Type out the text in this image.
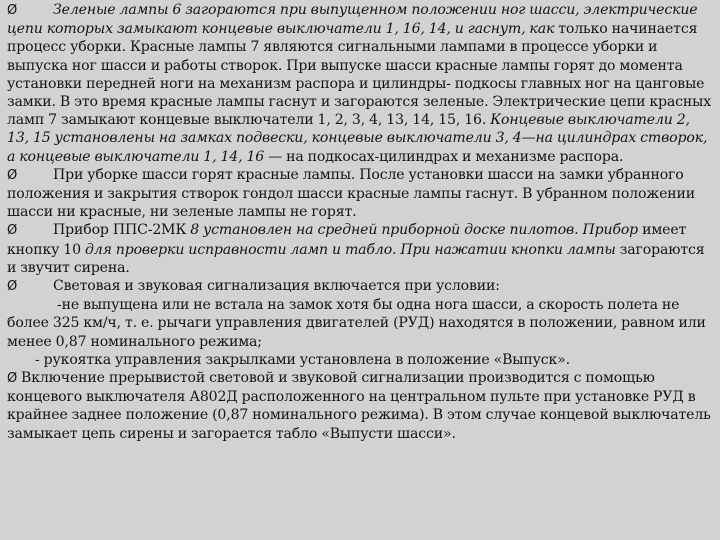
Ø	Зеленые лампы 6 загораются при выпущенном положении ног шасси, электрические цепи которых замыкают концевые выключатели 1, 16, 14, и гаснут, как только начинается процесс уборки. Красные лампы 7 являются сигнальными лампами в процессе уборки и выпуска ног шасси и работы створок. При выпуске шасси красные лампы горят до момента установки передней ноги на механизм распора и цилиндры- подкосы главных ног на цанговые замки. В это время красные лампы гаснут и загораются зеленые. Электрические цепи красных ламп 7 замыкают концевые выключатели 1, 2, 3, 4, 13, 14, 15, 16. Концевые выключатели 2, 13, 15 установлены на замках подвески, концевые выключатели 3, 4—на цилиндрах створок, а концевые выключатели 1, 14, 16 — на подкосах-цилиндрах и механизме распора.

Ø	При уборке шасси горят красные лампы. После установки шасси на замки убранного положения и закрытия створок гондол шасси красные лампы гаснут. В убранном положении шасси ни красные, ни зеленые лампы не горят.

Ø	Прибор ППС-2МК 8 установлен на средней приборной доске пилотов. Прибор имеет кнопку 10 для проверки исправности ламп и табло. При нажатии кнопки лампы загораются и звучит сирена.

Ø	Световая и звуковая сигнализация включается при условии:

-не выпущена или не встала на замок хотя бы одна нога шасси, а скорость полета не более 325 км/ч, т. е. рычаги управления двигателей (РУД) находятся в положении, равном или менее 0,87 номинального режима;

- рукоятка управления закрылками установлена в положение «Выпуск».

Ø Включение прерывистой световой и звуковой сигнализации производится с помощью концевого выключателя А802Д расположенного на центральном пульте при установке РУД в крайнее заднее положение (0,87 номинального режима). В этом случае концевой выключатель замыкает цепь сирены и загорается табло «Выпусти шасси».
